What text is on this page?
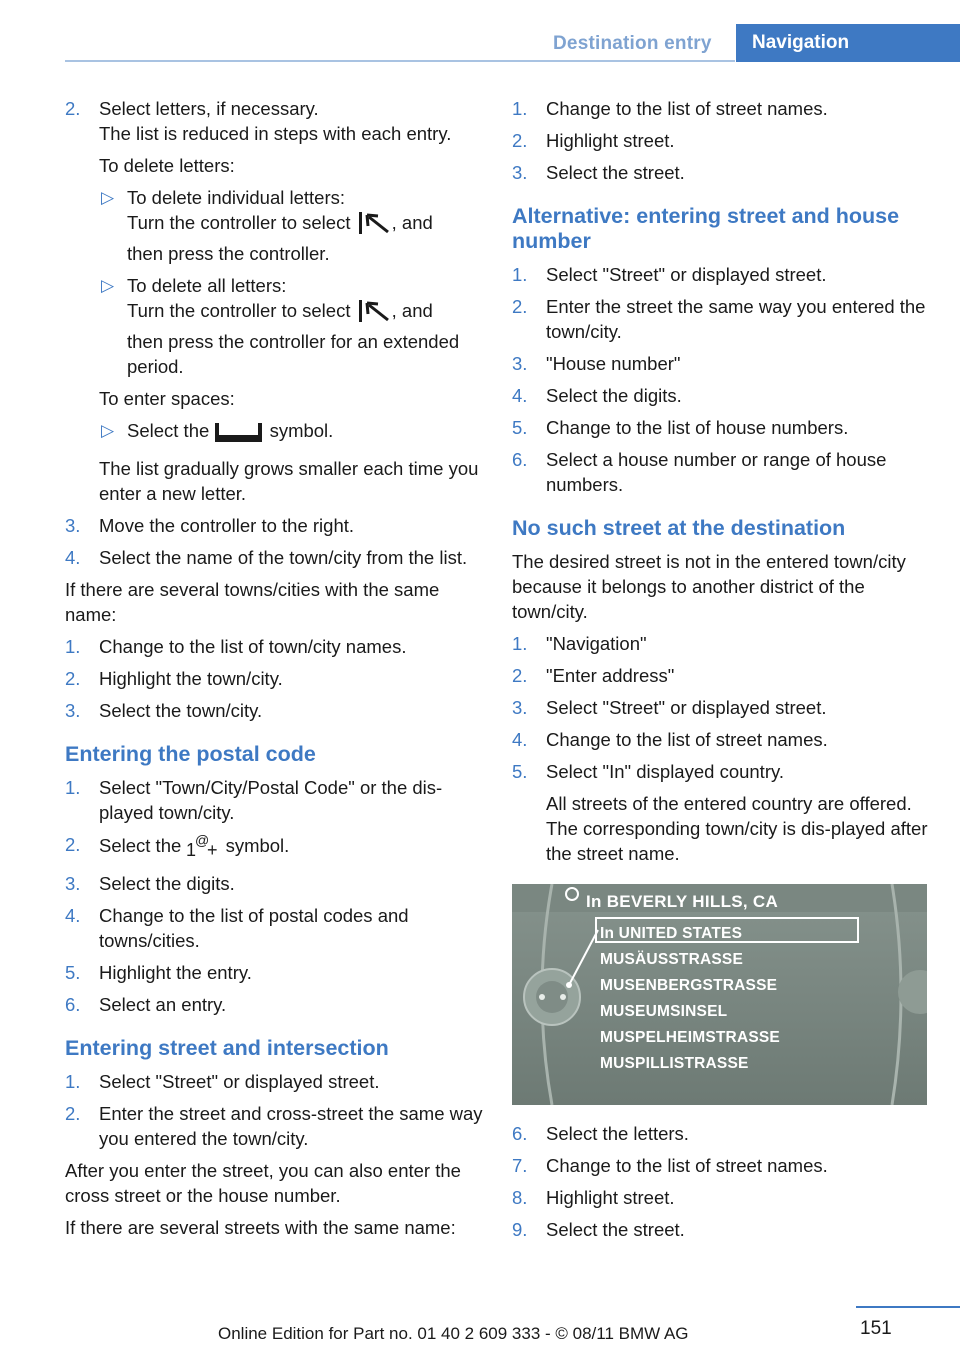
Destination entry Navigation
2. Select letters, if necessary.
The list is reduced in steps with each entry.
To delete letters:
▷ To delete individual letters:
Turn the controller to select , and
then press the controller.
▷ To delete all letters:
Turn the controller to select , and
then press the controller for an extended period.
To enter spaces:
▷ Select the	symbol.
The list gradually grows smaller each time you enter a new letter.
3. Move the controller to the right.
4. Select the name of the town/city from the list.
If there are several towns/cities with the same name:
1. Change to the list of town/city names.
2. Highlight the town/city.
3. Select the town/city.
Entering the postal code
1. Select "Town/City/Postal Code" or the dis-played town/city.
2. Select the 1
@
+ symbol.
3. Select the digits.
4. Change to the list of postal codes and towns/cities.
5. Highlight the entry.
6. Select an entry.
Entering street and intersection
1. Select "Street" or displayed street.
2. Enter the street and cross-street the same way you entered the town/city.
After you enter the street, you can also enter the cross street or the house number.
If there are several streets with the same name:
1. Change to the list of street names.
2. Highlight street.
3. Select the street.
Alternative: entering street and house number
1. Select "Street" or displayed street.
2. Enter the street the same way you entered the town/city.
3. "House number"
4. Select the digits.
5. Change to the list of house numbers.
6. Select a house number or range of house numbers.
No such street at the destination
The desired street is not in the entered town/city because it belongs to another district of the town/city.
1. "Navigation"
2. "Enter address"
3. Select "Street" or displayed street.
4. Change to the list of street names.
5. Select "In" displayed country.
All streets of the entered country are offered. The corresponding town/city is dis-played after the street name.
In BEVERLY HILLS, CA
In UNITED STATES
MUSÄUSSTRASSE
MUSENBERGSTRASSE
MUSEUMSINSEL
MUSPELHEIMSTRASSE
MUSPILLISTRASSE
6. Select the letters.
7. Change to the list of street names.
8. Highlight street.
9. Select the street.
151
Online Edition for Part no. 01 40 2 609 333 - © 08/11 BMW AG
